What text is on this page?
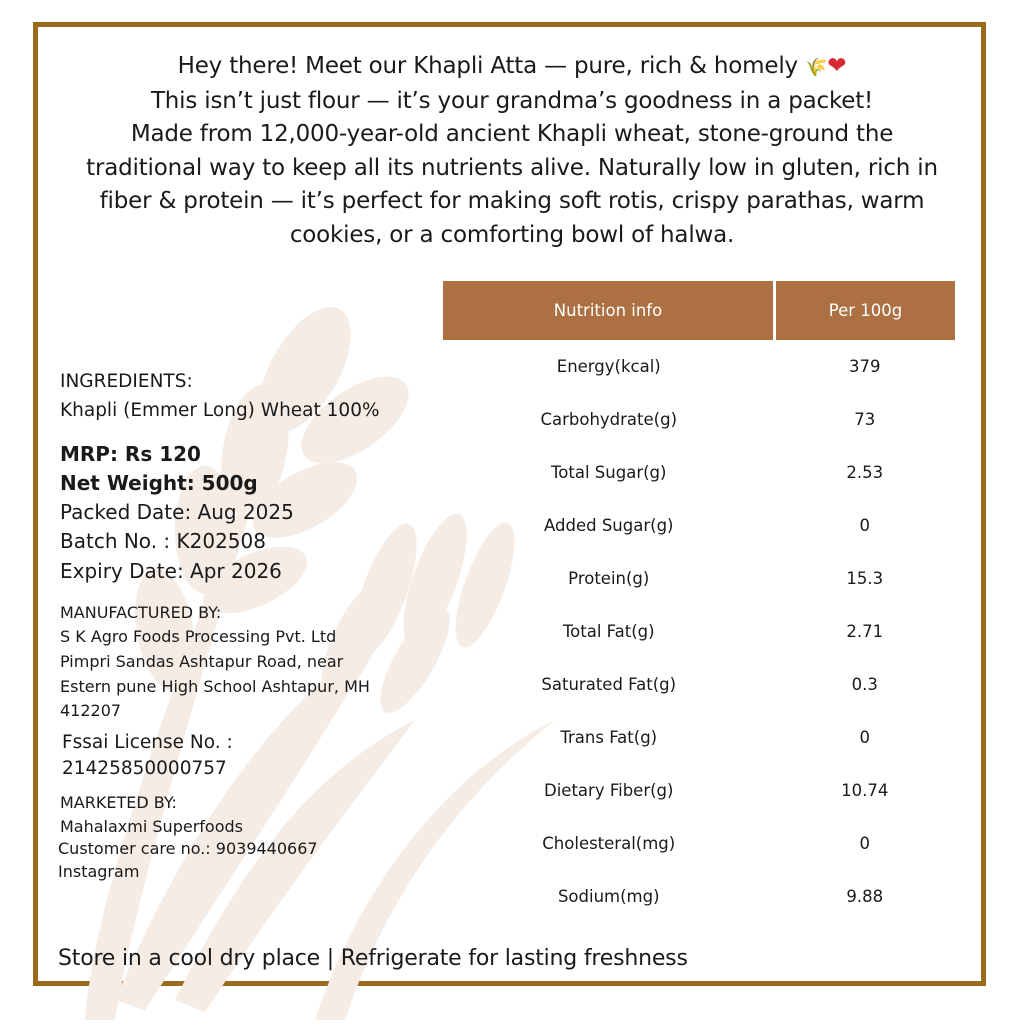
Hey there! Meet our Khapli Atta — pure, rich & homely 🌾❤

This isn’t just flour — it’s your grandma’s goodness in a packet!

Made from 12,000-year-old ancient Khapli wheat, stone-ground the

traditional way to keep all its nutrients alive. Naturally low in gluten, rich in

fiber & protein — it’s perfect for making soft rotis, crispy parathas, warm

cookies, or a comforting bowl of halwa.

INGREDIENTS:
Khapli (Emmer Long) Wheat 100%
MRP: Rs 120
Net Weight: 500g
Packed Date: Aug 2025
Batch No. : K202508
Expiry Date: Apr 2026
MANUFACTURED BY:
S K Agro Foods Processing Pvt. Ltd
Pimpri Sandas Ashtapur Road, near
Estern pune High School Ashtapur, MH
412207
Fssai License No. :
21425850000757
MARKETED BY:
Mahalaxmi Superfoods
Customer care no.: 9039440667
Instagram
Nutrition info	Per 100g
Energy(kcal)	379
Carbohydrate(g)	73
Total Sugar(g)	2.53
Added Sugar(g)	0
Protein(g)	15.3
Total Fat(g)	2.71
Saturated Fat(g)	0.3
Trans Fat(g)	0
Dietary Fiber(g)	10.74
Cholesteral(mg)	0
Sodium(mg)	9.88
Store in a cool dry place | Refrigerate for lasting freshness
